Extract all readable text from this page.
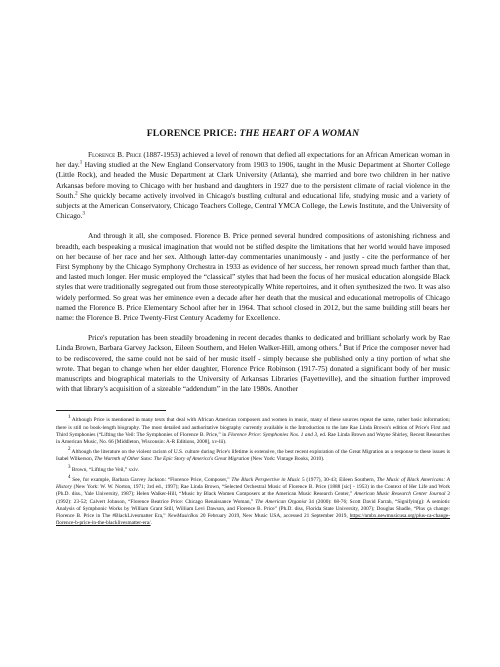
FLORENCE PRICE: THE HEART OF A WOMAN

Florence B. Price (1887-1953) achieved a level of renown that defied all expectations for an African American woman in her day.$^1$ Having studied at the New England Conservatory from 1903 to 1906, taught in the Music Department at Shorter College (Little Rock), and headed the Music Department at Clark University (Atlanta), she married and bore two children in her native Arkansas before moving to Chicago with her husband and daughters in 1927 due to the persistent climate of racial violence in the South.$^2$ She quickly became actively involved in Chicago's bustling cultural and educational life, studying music and a variety of subjects at the American Conservatory, Chicago Teachers College, Central YMCA College, the Lewis Institute, and the University of Chicago.$^3$

And through it all, she composed. Florence B. Price penned several hundred compositions of astonishing richness and breadth, each bespeaking a musical imagination that would not be stifled despite the limitations that her world would have imposed on her because of her race and her sex. Although latter-day commentaries unanimously - and justly - cite the performance of her First Symphony by the Chicago Symphony Orchestra in 1933 as evidence of her success, her renown spread much farther than that, and lasted much longer. Her music employed the “classical” styles that had been the focus of her musical education alongside Black styles that were traditionally segregated out from those stereotypically White repertoires, and it often synthesized the two. It was also widely performed. So great was her eminence even a decade after her death that the musical and educational metropolis of Chicago named the Florence B. Price Elementary School after her in 1964. That school closed in 2012, but the same building still bears her name: the Florence B. Price Twenty-First Century Academy for Excellence.

Price's reputation has been steadily broadening in recent decades thanks to dedicated and brilliant scholarly work by Rae Linda Brown, Barbara Garvey Jackson, Eileen Southern, and Helen Walker-Hill, among others.$^4$ But if Price the composer never had to be rediscovered, the same could not be said of her music itself - simply because she published only a tiny portion of what she wrote. That began to change when her elder daughter, Florence Price Robinson (1917-75) donated a significant body of her music manuscripts and biographical materials to the University of Arkansas Libraries (Fayetteville), and the situation further improved with that library's acquisition of a sizeable “addendum” in the late 1980s. Another

$^1$ Although Price is mentioned in many texts that deal with African American composers and women in music, many of these sources repeat the same, rather basic information; there is still no book-length biography. The most detailed and authoritative biography currently available is the Introduction to the late Rae Linda Brown's edition of Price's First and Third Symphonies (“Lifting the Veil: The Symphonies of Florence B. Price,” in Florence Price: Symphonies Nos. 1 and 3, ed. Rae Linda Brown and Wayne Shirley, Recent Researches in American Music, No. 66 [Middleton, Wisconsin: A-R Editions, 2008], xv-lii).

$^2$ Although the literature on the violent racism of U.S. culture during Price's lifetime is extensive, the best recent exploration of the Great Migration as a response to these issues is Isabel Wilkerson, The Warmth of Other Suns: The Epic Story of America's Great Migration (New York: Vintage Books, 2010).

$^3$ Brown, “Lifting the Veil,” xxiv.

$^4$ See, for example, Barbara Garvey Jackson: “Florence Price, Composer,” The Black Perspective in Music 5 (1977), 30-43; Eileen Southern, The Music of Black Americans: A History (New York: W. W. Norton, 1971; 3rd ed., 1997); Rae Linda Brown, “Selected Orchestral Music of Florence B. Price (1888 [sic] - 1953) in the Context of Her Life and Work (Ph.D. diss., Yale University, 1987); Helen Walker-Hill, “Music by Black Women Composers at the American Music Research Center,” American Music Research Center Journal 2 (1992): 23-52; Calvert Johnson, “Florence Beatrice Price: Chicago Renaissance Woman,” The American Organist 34 (2000): 68-76; Scott David Farrah, “Signifyin(g): A semiotic Analysis of Symphonic Works by William Grant Still, William Levi Dawson, and Florence B. Price” (Ph.D. diss, Florida State University, 2007); Douglas Shadle, “Plus ça change: Florence B. Price in The #BlackLivesmatter Era,” NewMusicBox 20 February 2019, New Music USA, accessed 21 September 2019, https://nmbx.newmusicusa.org/plus-ca-change-florence-b-price-in-the-blacklivesmatter-era/.
